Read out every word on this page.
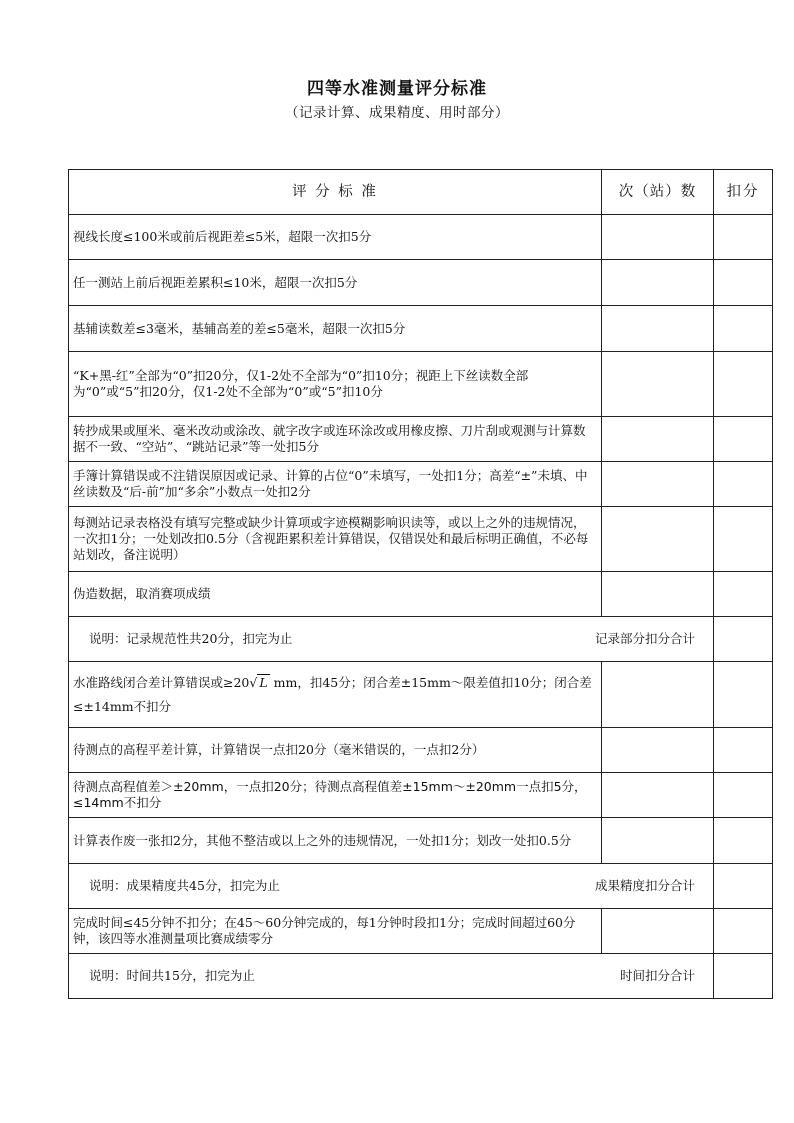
四等水准测量评分标准
（记录计算、成果精度、用时部分）
评 分 标 准	次（站）数	扣分
视线长度≤100米或前后视距差≤5米，超限一次扣5分		
任一测站上前后视距差累积≤10米，超限一次扣5分		
基辅读数差≤3毫米，基辅高差的差≤5毫米，超限一次扣5分		
“K+黑-红”全部为“0”扣20分，仅1-2处不全部为“0”扣10分；视距上下丝读数全部为“0”或“5”扣20分，仅1-2处不全部为“0”或“5”扣10分		
转抄成果或厘米、毫米改动或涂改、就字改字或连环涂改或用橡皮擦、刀片刮或观测与计算数据不一致、“空站”、“跳站记录”等一处扣5分		
手簿计算错误或不注错误原因或记录、计算的占位“0”未填写，一处扣1分；高差“±”未填、中丝读数及“后-前”加“多余”小数点一处扣2分		
每测站记录表格没有填写完整或缺少计算项或字迹模糊影响识读等，或以上之外的违规情况，一次扣1分；一处划改扣0.5分（含视距累积差计算错误，仅错误处和最后标明正确值，不必每站划改，备注说明）		
伪造数据，取消赛项成绩		

说明：记录规范性共20分，扣完为止 记录部分扣分合计		

水准路线闭合差计算错误或≥20√ L mm，扣45分；闭合差±15mm～限差值扣10分；闭合差≤±14mm不扣分		
待测点的高程平差计算，计算错误一点扣20分（毫米错误的，一点扣2分）		
待测点高程值差＞±20mm，一点扣20分；待测点高程值差±15mm～±20mm一点扣5分，≤14mm不扣分		
计算表作废一张扣2分，其他不整洁或以上之外的违规情况，一处扣1分；划改一处扣0.5分		

说明：成果精度共45分，扣完为止 成果精度扣分合计		

完成时间≤45分钟不扣分；在45～60分钟完成的，每1分钟时段扣1分；完成时间超过60分钟，该四等水准测量项比赛成绩零分		

说明：时间共15分，扣完为止 时间扣分合计		
